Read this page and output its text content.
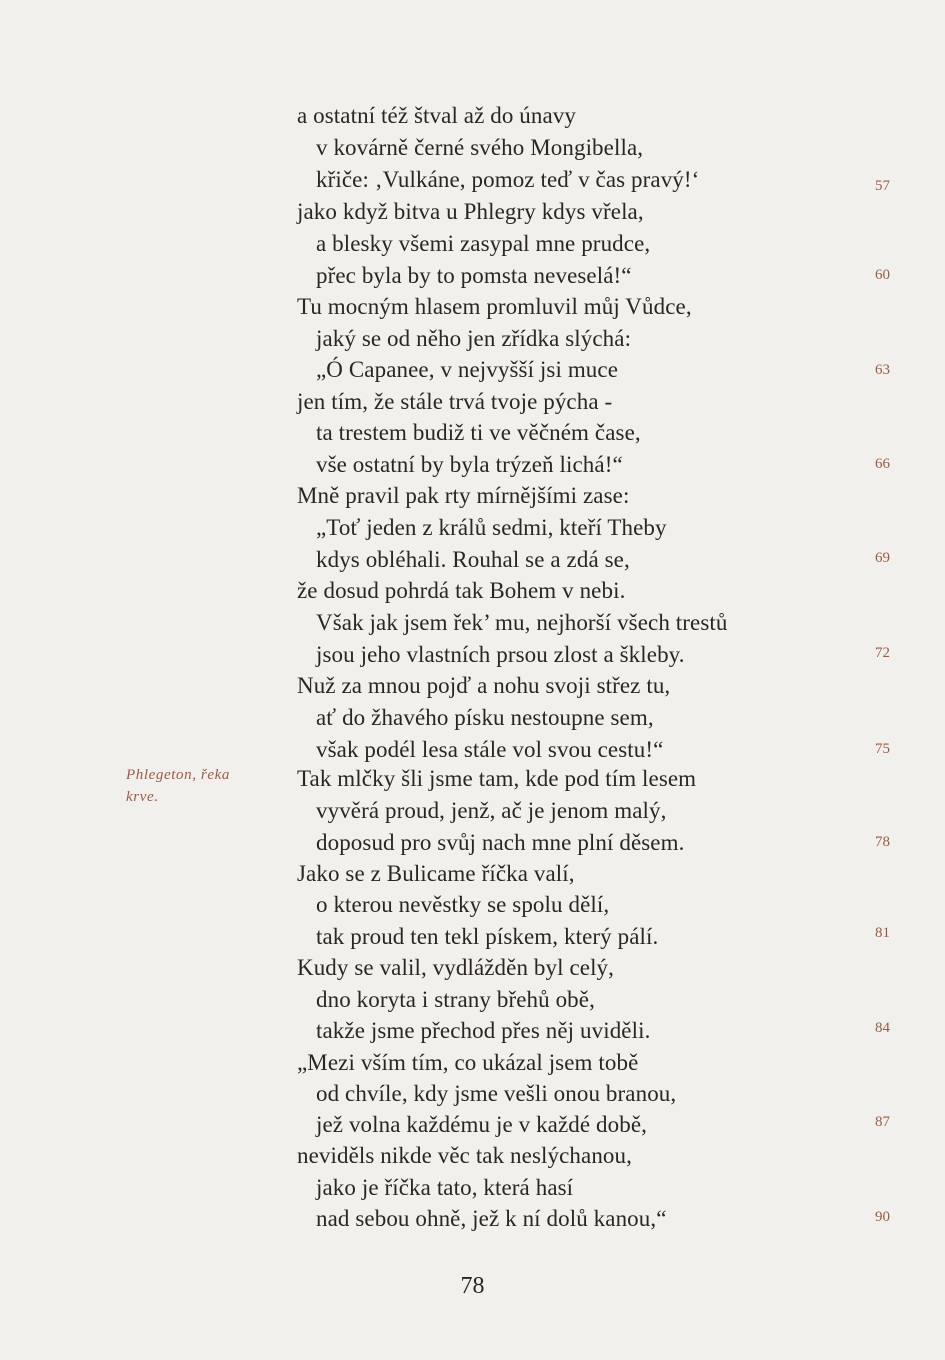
a ostatní též štval až do únavy
v kovárně černé svého Mongibella,
křiče: ‚Vulkáne, pomoz teď v čas pravý!‘	57
jako když bitva u Phlegry kdys vřela,
a blesky všemi zasypal mne prudce,
přec byla by to pomsta neveselá!“	60
Tu mocným hlasem promluvil můj Vůdce,
jaký se od něho jen zřídka slýchá:
„Ó Capanee, v nejvyšší jsi muce	63
jen tím, že stále trvá tvoje pýcha -
ta trestem budiž ti ve věčném čase,
vše ostatní by byla trýzeň lichá!“	66
Mně pravil pak rty mírnějšími zase:
„Toť jeden z králů sedmi, kteří Theby
kdys obléhali. Rouhal se a zdá se,	69
že dosud pohrdá tak Bohem v nebi.
Však jak jsem řek’ mu, nejhorší všech trestů
jsou jeho vlastních prsou zlost a škleby.	72
Nuž za mnou pojď a nohu svoji střez tu,
ať do žhavého písku nestoupne sem,
však podél lesa stále vol svou cestu!“	75
Phlegeton, řeka
krve.
Tak mlčky šli jsme tam, kde pod tím lesem
vyvěrá proud, jenž, ač je jenom malý,
doposud pro svůj nach mne plní děsem.	78
Jako se z Bulicame říčka valí,
o kterou nevěstky se spolu dělí,
tak proud ten tekl pískem, který pálí.	81
Kudy se valil, vydlážděn byl celý,
dno koryta i strany břehů obě,
takže jsme přechod přes něj uviděli.	84
„Mezi vším tím, co ukázal jsem tobě
od chvíle, kdy jsme vešli onou branou,
jež volna každému je v každé době,	87
neviděls nikde věc tak neslýchanou,
jako je říčka tato, která hasí
nad sebou ohně, jež k ní dolů kanou,“	90
78
